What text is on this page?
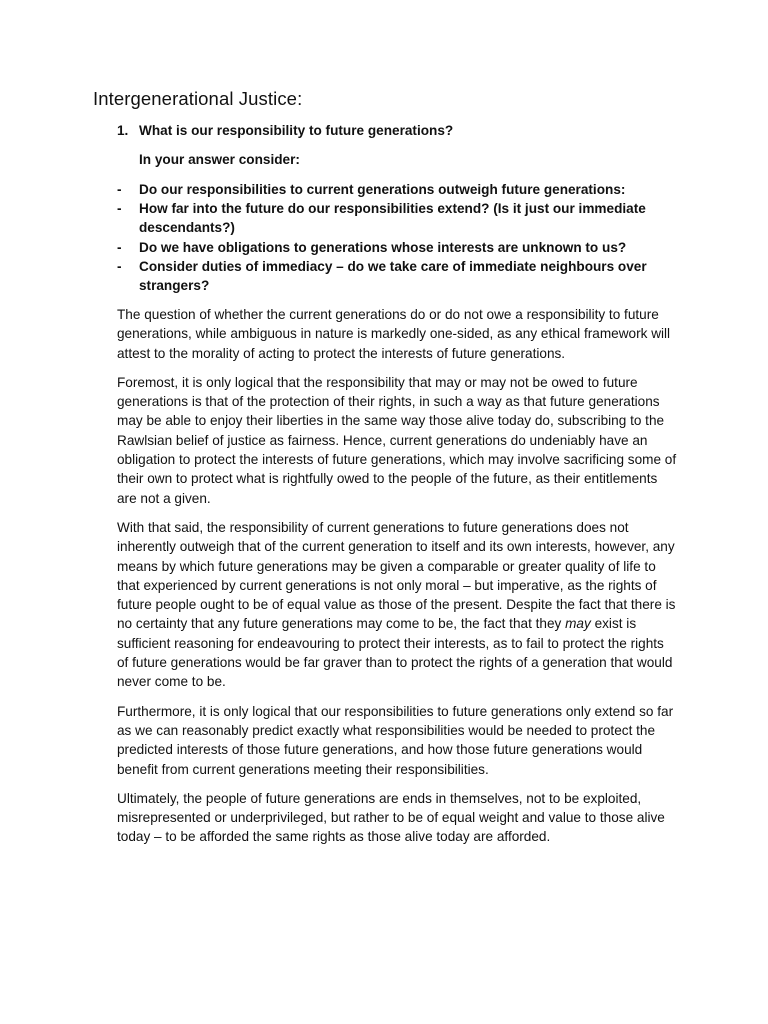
Intergenerational Justice:
1. What is our responsibility to future generations?
In your answer consider:
-	Do our responsibilities to current generations outweigh future generations:
-	How far into the future do our responsibilities extend? (Is it just our immediate descendants?)
-	Do we have obligations to generations whose interests are unknown to us?
-	Consider duties of immediacy – do we take care of immediate neighbours over strangers?

The question of whether the current generations do or do not owe a responsibility to future generations, while ambiguous in nature is markedly one-sided, as any ethical framework will attest to the morality of acting to protect the interests of future generations.

Foremost, it is only logical that the responsibility that may or may not be owed to future generations is that of the protection of their rights, in such a way as that future generations may be able to enjoy their liberties in the same way those alive today do, subscribing to the Rawlsian belief of justice as fairness. Hence, current generations do undeniably have an obligation to protect the interests of future generations, which may involve sacrificing some of their own to protect what is rightfully owed to the people of the future, as their entitlements are not a given.

With that said, the responsibility of current generations to future generations does not inherently outweigh that of the current generation to itself and its own interests, however, any means by which future generations may be given a comparable or greater quality of life to that experienced by current generations is not only moral – but imperative, as the rights of future people ought to be of equal value as those of the present. Despite the fact that there is no certainty that any future generations may come to be, the fact that they may exist is sufficient reasoning for endeavouring to protect their interests, as to fail to protect the rights of future generations would be far graver than to protect the rights of a generation that would never come to be.

Furthermore, it is only logical that our responsibilities to future generations only extend so far as we can reasonably predict exactly what responsibilities would be needed to protect the predicted interests of those future generations, and how those future generations would benefit from current generations meeting their responsibilities.

Ultimately, the people of future generations are ends in themselves, not to be exploited, misrepresented or underprivileged, but rather to be of equal weight and value to those alive today – to be afforded the same rights as those alive today are afforded.
